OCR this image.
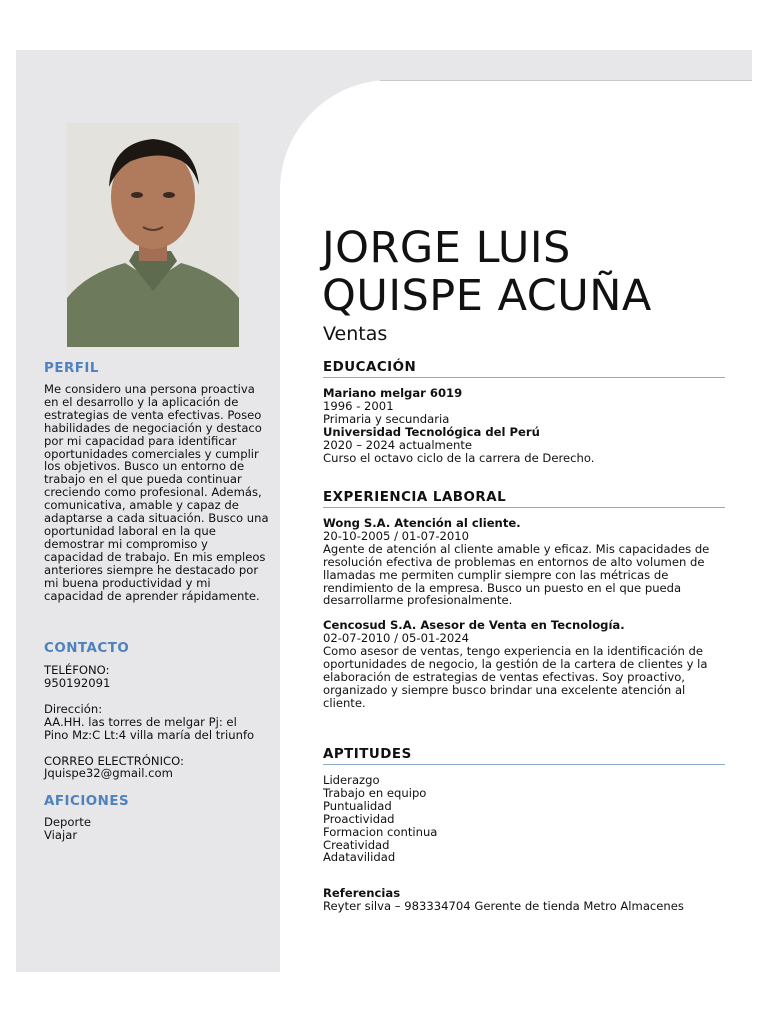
PERFIL

Me considero una persona proactiva en el desarrollo y la aplicación de estrategias de venta efectivas. Poseo habilidades de negociación y destaco por mi capacidad para identificar oportunidades comerciales y cumplir los objetivos. Busco un entorno de trabajo en el que pueda continuar creciendo como profesional. Además, comunicativa, amable y capaz de adaptarse a cada situación. Busco una oportunidad laboral en la que demostrar mi compromiso y capacidad de trabajo. En mis empleos anteriores siempre he destacado por mi buena productividad y mi capacidad de aprender rápidamente.

CONTACTO
TELÉFONO:
950192091
Dirección:
AA.HH. las torres de melgar Pj: el Pino Mz:C Lt:4 villa maría del triunfo
CORREO ELECTRÓNICO:
Jquispe32@gmail.com
AFICIONES
Deporte
Viajar
JORGE LUIS
QUISPE ACUÑA

Ventas

EDUCACIÓN
Mariano melgar 6019
1996 - 2001
Primaria y secundaria
Universidad Tecnológica del Perú
2020 – 2024 actualmente
Curso el octavo ciclo de la carrera de Derecho.
EXPERIENCIA LABORAL
Wong S.A. Atención al cliente.
20-10-2005 / 01-07-2010
Agente de atención al cliente amable y eficaz. Mis capacidades de resolución efectiva de problemas en entornos de alto volumen de llamadas me permiten cumplir siempre con las métricas de rendimiento de la empresa. Busco un puesto en el que pueda desarrollarme profesionalmente.
Cencosud S.A. Asesor de Venta en Tecnología.
02-07-2010 / 05-01-2024
Como asesor de ventas, tengo experiencia en la identificación de oportunidades de negocio, la gestión de la cartera de clientes y la elaboración de estrategias de ventas efectivas. Soy proactivo, organizado y siempre busco brindar una excelente atención al cliente.
APTITUDES
Liderazgo
Trabajo en equipo
Puntualidad
Proactividad
Formacion continua
Creatividad
Adatavilidad
Referencias
Reyter silva – 983334704 Gerente de tienda Metro Almacenes
